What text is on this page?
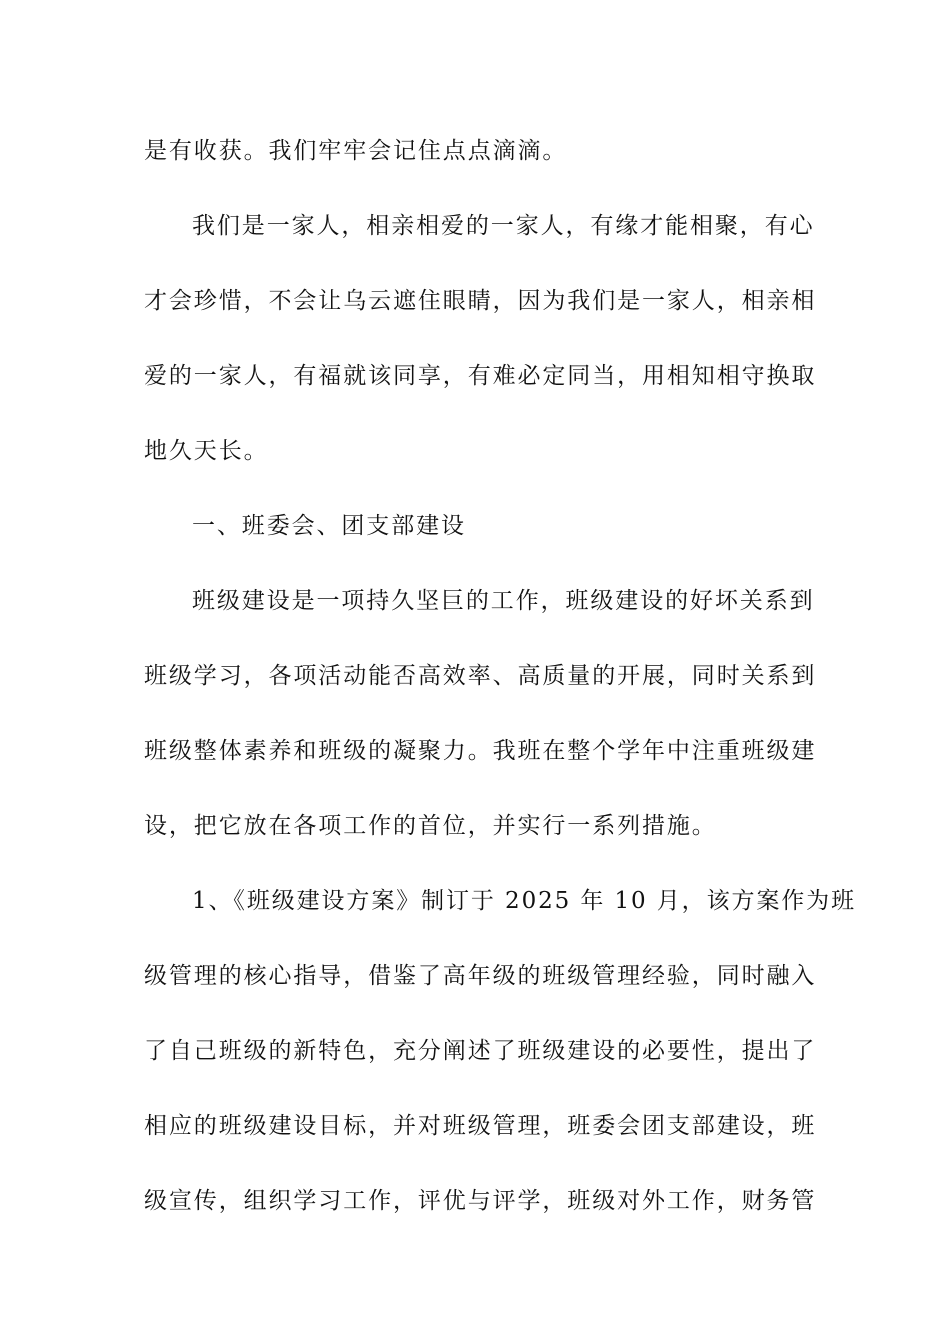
是有收获。我们牢牢会记住点点滴滴。
我们是一家人，相亲相爱的一家人，有缘才能相聚，有心
才会珍惜，不会让乌云遮住眼睛，因为我们是一家人，相亲相
爱的一家人，有福就该同享，有难必定同当，用相知相守换取
地久天长。
一、班委会、团支部建设
班级建设是一项持久坚巨的工作，班级建设的好坏关系到
班级学习，各项活动能否高效率、高质量的开展，同时关系到
班级整体素养和班级的凝聚力。我班在整个学年中注重班级建
设，把它放在各项工作的首位，并实行一系列措施。
1、《班级建设方案》制订于 2025 年 10 月，该方案作为班
级管理的核心指导，借鉴了高年级的班级管理经验，同时融入
了自己班级的新特色，充分阐述了班级建设的必要性，提出了
相应的班级建设目标，并对班级管理，班委会团支部建设，班
级宣传，组织学习工作，评优与评学，班级对外工作，财务管
